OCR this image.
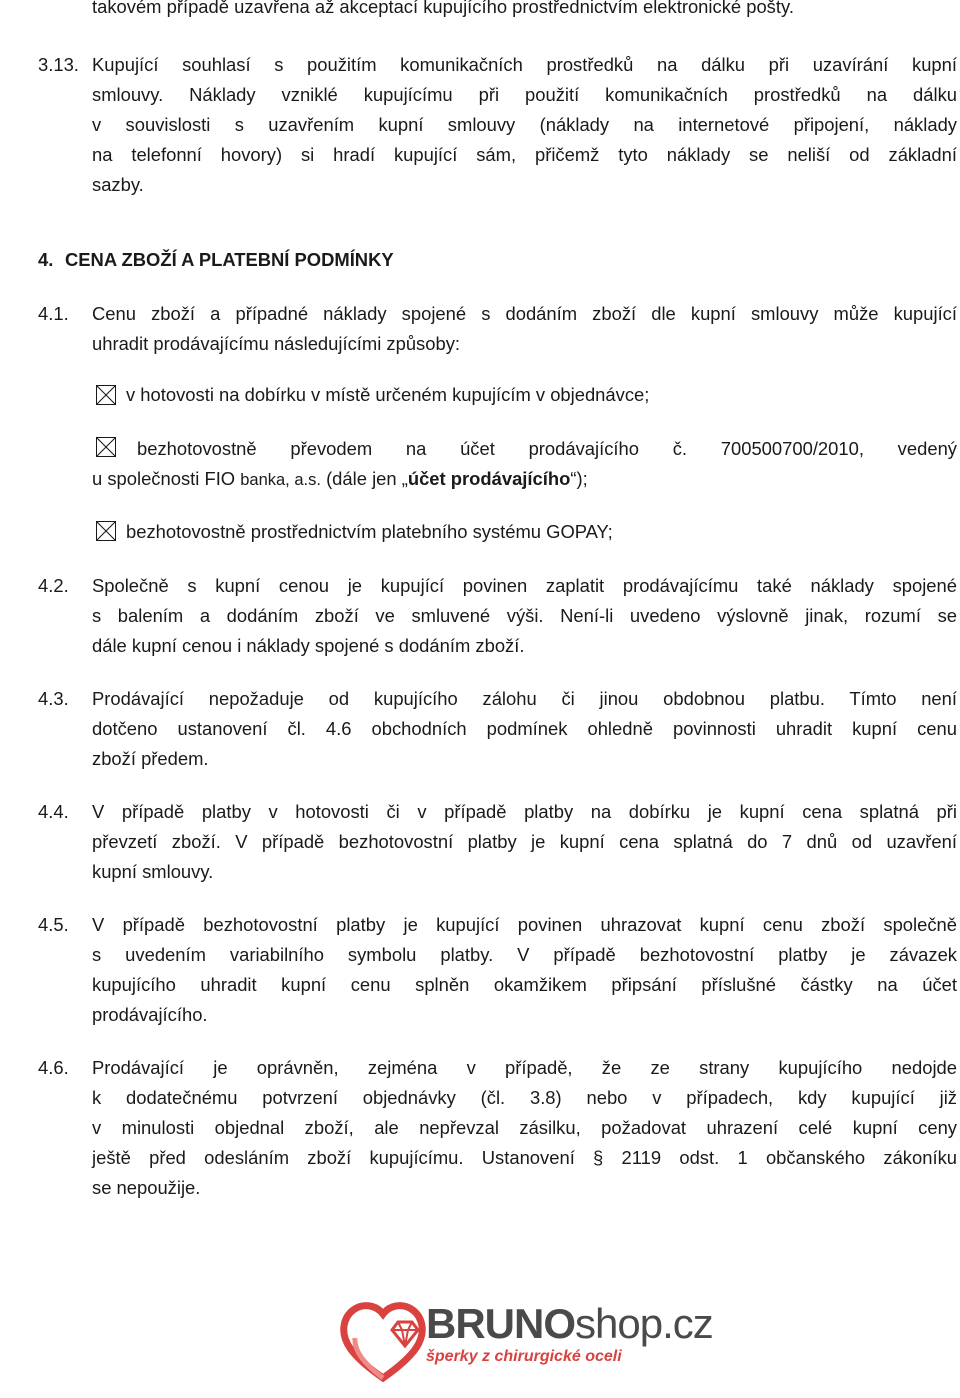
takovém případě uzavřena až akceptací kupujícího prostřednictvím elektronické pošty.
3.13. Kupující souhlasí s použitím komunikačních prostředků na dálku při uzavírání kupní
smlouvy. Náklady vzniklé kupujícímu při použití komunikačních prostředků na dálku
v souvislosti s uzavřením kupní smlouvy (náklady na internetové připojení, náklady
na telefonní hovory) si hradí kupující sám, přičemž tyto náklady se neliší od základní
sazby.
4. CENA ZBOŽÍ A PLATEBNÍ PODMÍNKY
4.1. Cenu zboží a případné náklady spojené s dodáním zboží dle kupní smlouvy může kupující
uhradit prodávajícímu následujícími způsoby:
v hotovosti na dobírku v místě určeném kupujícím v objednávce;
bezhotovostně převodem na účet prodávajícího č. 700500700/2010, vedený
u společnosti FIO banka, a.s. (dále jen „účet prodávajícího“);
bezhotovostně prostřednictvím platebního systému GOPAY;
4.2. Společně s kupní cenou je kupující povinen zaplatit prodávajícímu také náklady spojené
s balením a dodáním zboží ve smluvené výši. Není-li uvedeno výslovně jinak, rozumí se
dále kupní cenou i náklady spojené s dodáním zboží.
4.3. Prodávající nepožaduje od kupujícího zálohu či jinou obdobnou platbu. Tímto není
dotčeno ustanovení čl. 4.6 obchodních podmínek ohledně povinnosti uhradit kupní cenu
zboží předem.
4.4. V případě platby v hotovosti či v případě platby na dobírku je kupní cena splatná při
převzetí zboží. V případě bezhotovostní platby je kupní cena splatná do 7 dnů od uzavření
kupní smlouvy.
4.5. V případě bezhotovostní platby je kupující povinen uhrazovat kupní cenu zboží společně
s uvedením variabilního symbolu platby. V případě bezhotovostní platby je závazek
kupujícího uhradit kupní cenu splněn okamžikem připsání příslušné částky na účet
prodávajícího.
4.6. Prodávající je oprávněn, zejména v případě, že ze strany kupujícího nedojde
k dodatečnému potvrzení objednávky (čl. 3.8) nebo v případech, kdy kupující již
v minulosti objednal zboží, ale nepřevzal zásilku, požadovat uhrazení celé kupní ceny
ještě před odesláním zboží kupujícímu. Ustanovení § 2119 odst. 1 občanského zákoníku
se nepoužije.
BRUNOshop.cz
šperky z chirurgické oceli
